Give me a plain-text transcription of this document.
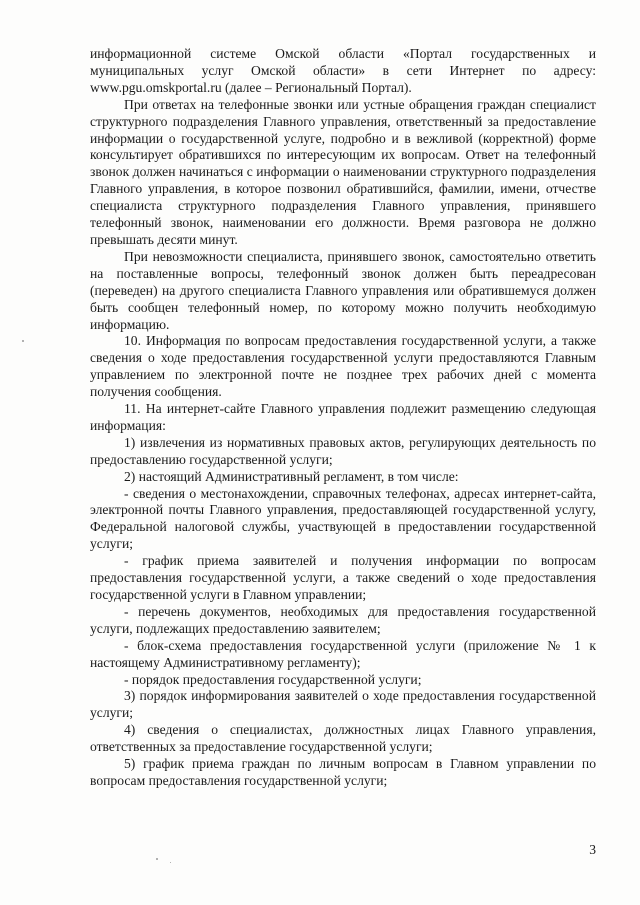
информационной системе Омской области «Портал государственных и муниципальных услуг Омской области» в сети Интернет по адресу: www.pgu.omskportal.ru (далее – Региональный Портал).

При ответах на телефонные звонки или устные обращения граждан специалист структурного подразделения Главного управления, ответственный за предоставление информации о государственной услуге, подробно и в вежливой (корректной) форме консультирует обратившихся по интересующим их вопросам. Ответ на телефонный звонок должен начинаться с информации о наименовании структурного подразделения Главного управления, в которое позвонил обратившийся, фамилии, имени, отчестве специалиста структурного подразделения Главного управления, принявшего телефонный звонок, наименовании его должности. Время разговора не должно превышать десяти минут.

При невозможности специалиста, принявшего звонок, самостоятельно ответить на поставленные вопросы, телефонный звонок должен быть переадресован (переведен) на другого специалиста Главного управления или обратившемуся должен быть сообщен телефонный номер, по которому можно получить необходимую информацию.

10. Информация по вопросам предоставления государственной услуги, а также сведения о ходе предоставления государственной услуги предоставляются Главным управлением по электронной почте не позднее трех рабочих дней с момента получения сообщения.

11. На интернет-сайте Главного управления подлежит размещению следующая информация:

1) извлечения из нормативных правовых актов, регулирующих деятельность по предоставлению государственной услуги;

2) настоящий Административный регламент, в том числе:

- сведения о местонахождении, справочных телефонах, адресах интернет-сайта, электронной почты Главного управления, предоставляющей государственной услугу, Федеральной налоговой службы, участвующей в предоставлении государственной услуги;

- график приема заявителей и получения информации по вопросам предоставления государственной услуги, а также сведений о ходе предоставления государственной услуги в Главном управлении;

- перечень документов, необходимых для предоставления государственной услуги, подлежащих предоставлению заявителем;

- блок-схема предоставления государственной услуги (приложение № 1 к настоящему Административному регламенту);

- порядок предоставления государственной услуги;

3) порядок информирования заявителей о ходе предоставления государственной услуги;

4) сведения о специалистах, должностных лицах Главного управления, ответственных за предоставление государственной услуги;

5) график приема граждан по личным вопросам в Главном управлении по вопросам предоставления государственной услуги;

3
